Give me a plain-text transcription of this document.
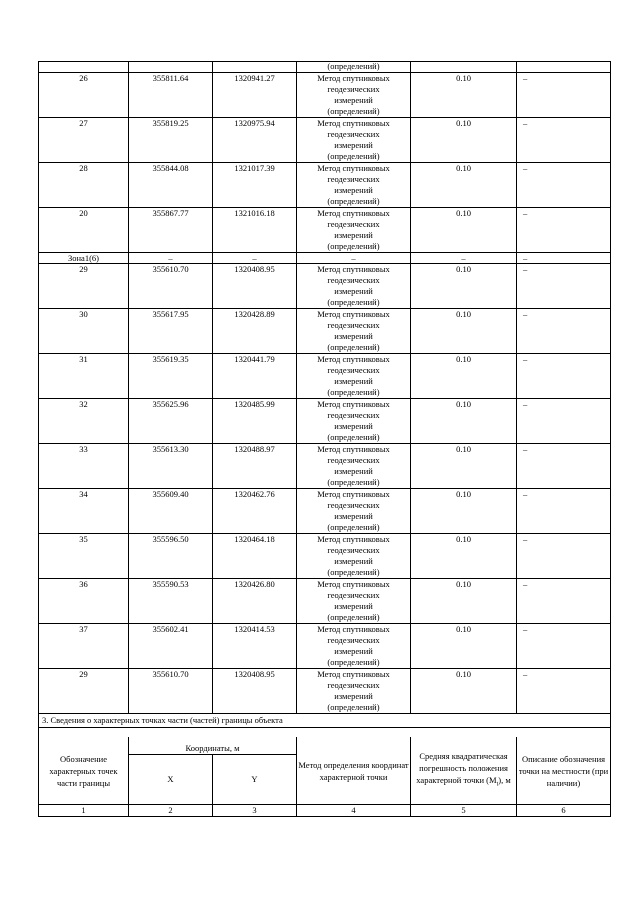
			(определений)		
26	355811.64	1320941.27	Метод спутниковых
геодезических
измерений
(определений)	0.10	–
27	355819.25	1320975.94	Метод спутниковых
геодезических
измерений
(определений)	0.10	–
28	355844.08	1321017.39	Метод спутниковых
геодезических
измерений
(определений)	0.10	–
20	355867.77	1321016.18	Метод спутниковых
геодезических
измерений
(определений)	0.10	–
Зона1(6)	–	–	–	–	–
29	355610.70	1320408.95	Метод спутниковых
геодезических
измерений
(определений)	0.10	–
30	355617.95	1320428.89	Метод спутниковых
геодезических
измерений
(определений)	0.10	–
31	355619.35	1320441.79	Метод спутниковых
геодезических
измерений
(определений)	0.10	–
32	355625.96	1320485.99	Метод спутниковых
геодезических
измерений
(определений)	0.10	–
33	355613.30	1320488.97	Метод спутниковых
геодезических
измерений
(определений)	0.10	–
34	355609.40	1320462.76	Метод спутниковых
геодезических
измерений
(определений)	0.10	–
35	355596.50	1320464.18	Метод спутниковых
геодезических
измерений
(определений)	0.10	–
36	355590.53	1320426.80	Метод спутниковых
геодезических
измерений
(определений)	0.10	–
37	355602.41	1320414.53	Метод спутниковых
геодезических
измерений
(определений)	0.10	–
29	355610.70	1320408.95	Метод спутниковых
геодезических
измерений
(определений)	0.10	–
3. Сведения о характерных точках части (частей) границы объекта					

Обозначение характерных точек части границы	Координаты, м		Метод определения координат характерной точки	Средняя квадратическая погрешность положения характерной точки $(M_t)$, м	Описание обозначения точки на местности (при наличии)
	X	Y			
1	2	3	4	5	6
